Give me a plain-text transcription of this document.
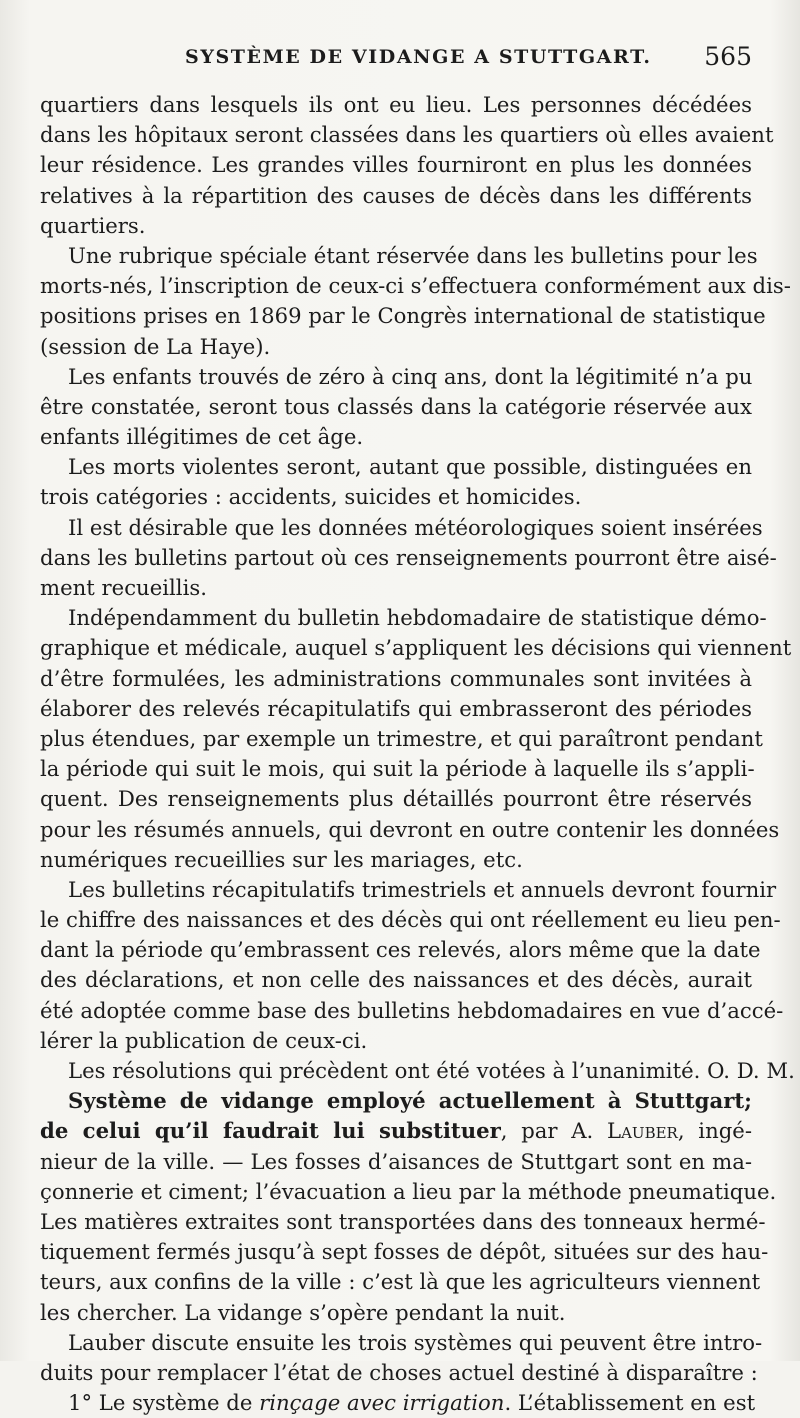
SYSTÈME DE VIDANGE A STUTTGART. 565
quartiers dans lesquels ils ont eu lieu. Les personnes décédées
dans les hôpitaux seront classées dans les quartiers où elles avaient
leur résidence. Les grandes villes fourniront en plus les données
relatives à la répartition des causes de décès dans les différents
quartiers.
Une rubrique spéciale étant réservée dans les bulletins pour les
morts-nés, l’inscription de ceux-ci s’effectuera conformément aux dis-
positions prises en 1869 par le Congrès international de statistique
(session de La Haye).
Les enfants trouvés de zéro à cinq ans, dont la légitimité n’a pu
être constatée, seront tous classés dans la catégorie réservée aux
enfants illégitimes de cet âge.
Les morts violentes seront, autant que possible, distinguées en
trois catégories : accidents, suicides et homicides.
Il est désirable que les données météorologiques soient insérées
dans les bulletins partout où ces renseignements pourront être aisé-
ment recueillis.
Indépendamment du bulletin hebdomadaire de statistique démo-
graphique et médicale, auquel s’appliquent les décisions qui viennent
d’être formulées, les administrations communales sont invitées à
élaborer des relevés récapitulatifs qui embrasseront des périodes
plus étendues, par exemple un trimestre, et qui paraîtront pendant
la période qui suit le mois, qui suit la période à laquelle ils s’appli-
quent. Des renseignements plus détaillés pourront être réservés
pour les résumés annuels, qui devront en outre contenir les données
numériques recueillies sur les mariages, etc.
Les bulletins récapitulatifs trimestriels et annuels devront fournir
le chiffre des naissances et des décès qui ont réellement eu lieu pen-
dant la période qu’embrassent ces relevés, alors même que la date
des déclarations, et non celle des naissances et des décès, aurait
été adoptée comme base des bulletins hebdomadaires en vue d’accé-
lérer la publication de ceux-ci.
Les résolutions qui précèdent ont été votées à l’unanimité. O. D. M.
Système de vidange employé actuellement à Stuttgart;
de celui qu’il faudrait lui substituer, par A. Lauber, ingé-
nieur de la ville. — Les fosses d’aisances de Stuttgart sont en ma-
çonnerie et ciment; l’évacuation a lieu par la méthode pneumatique.
Les matières extraites sont transportées dans des tonneaux hermé-
tiquement fermés jusqu’à sept fosses de dépôt, situées sur des hau-
teurs, aux confins de la ville : c’est là que les agriculteurs viennent
les chercher. La vidange s’opère pendant la nuit.
Lauber discute ensuite les trois systèmes qui peuvent être intro-
duits pour remplacer l’état de choses actuel destiné à disparaître :
1° Le système de rinçage avec irrigation. L’établissement en est
